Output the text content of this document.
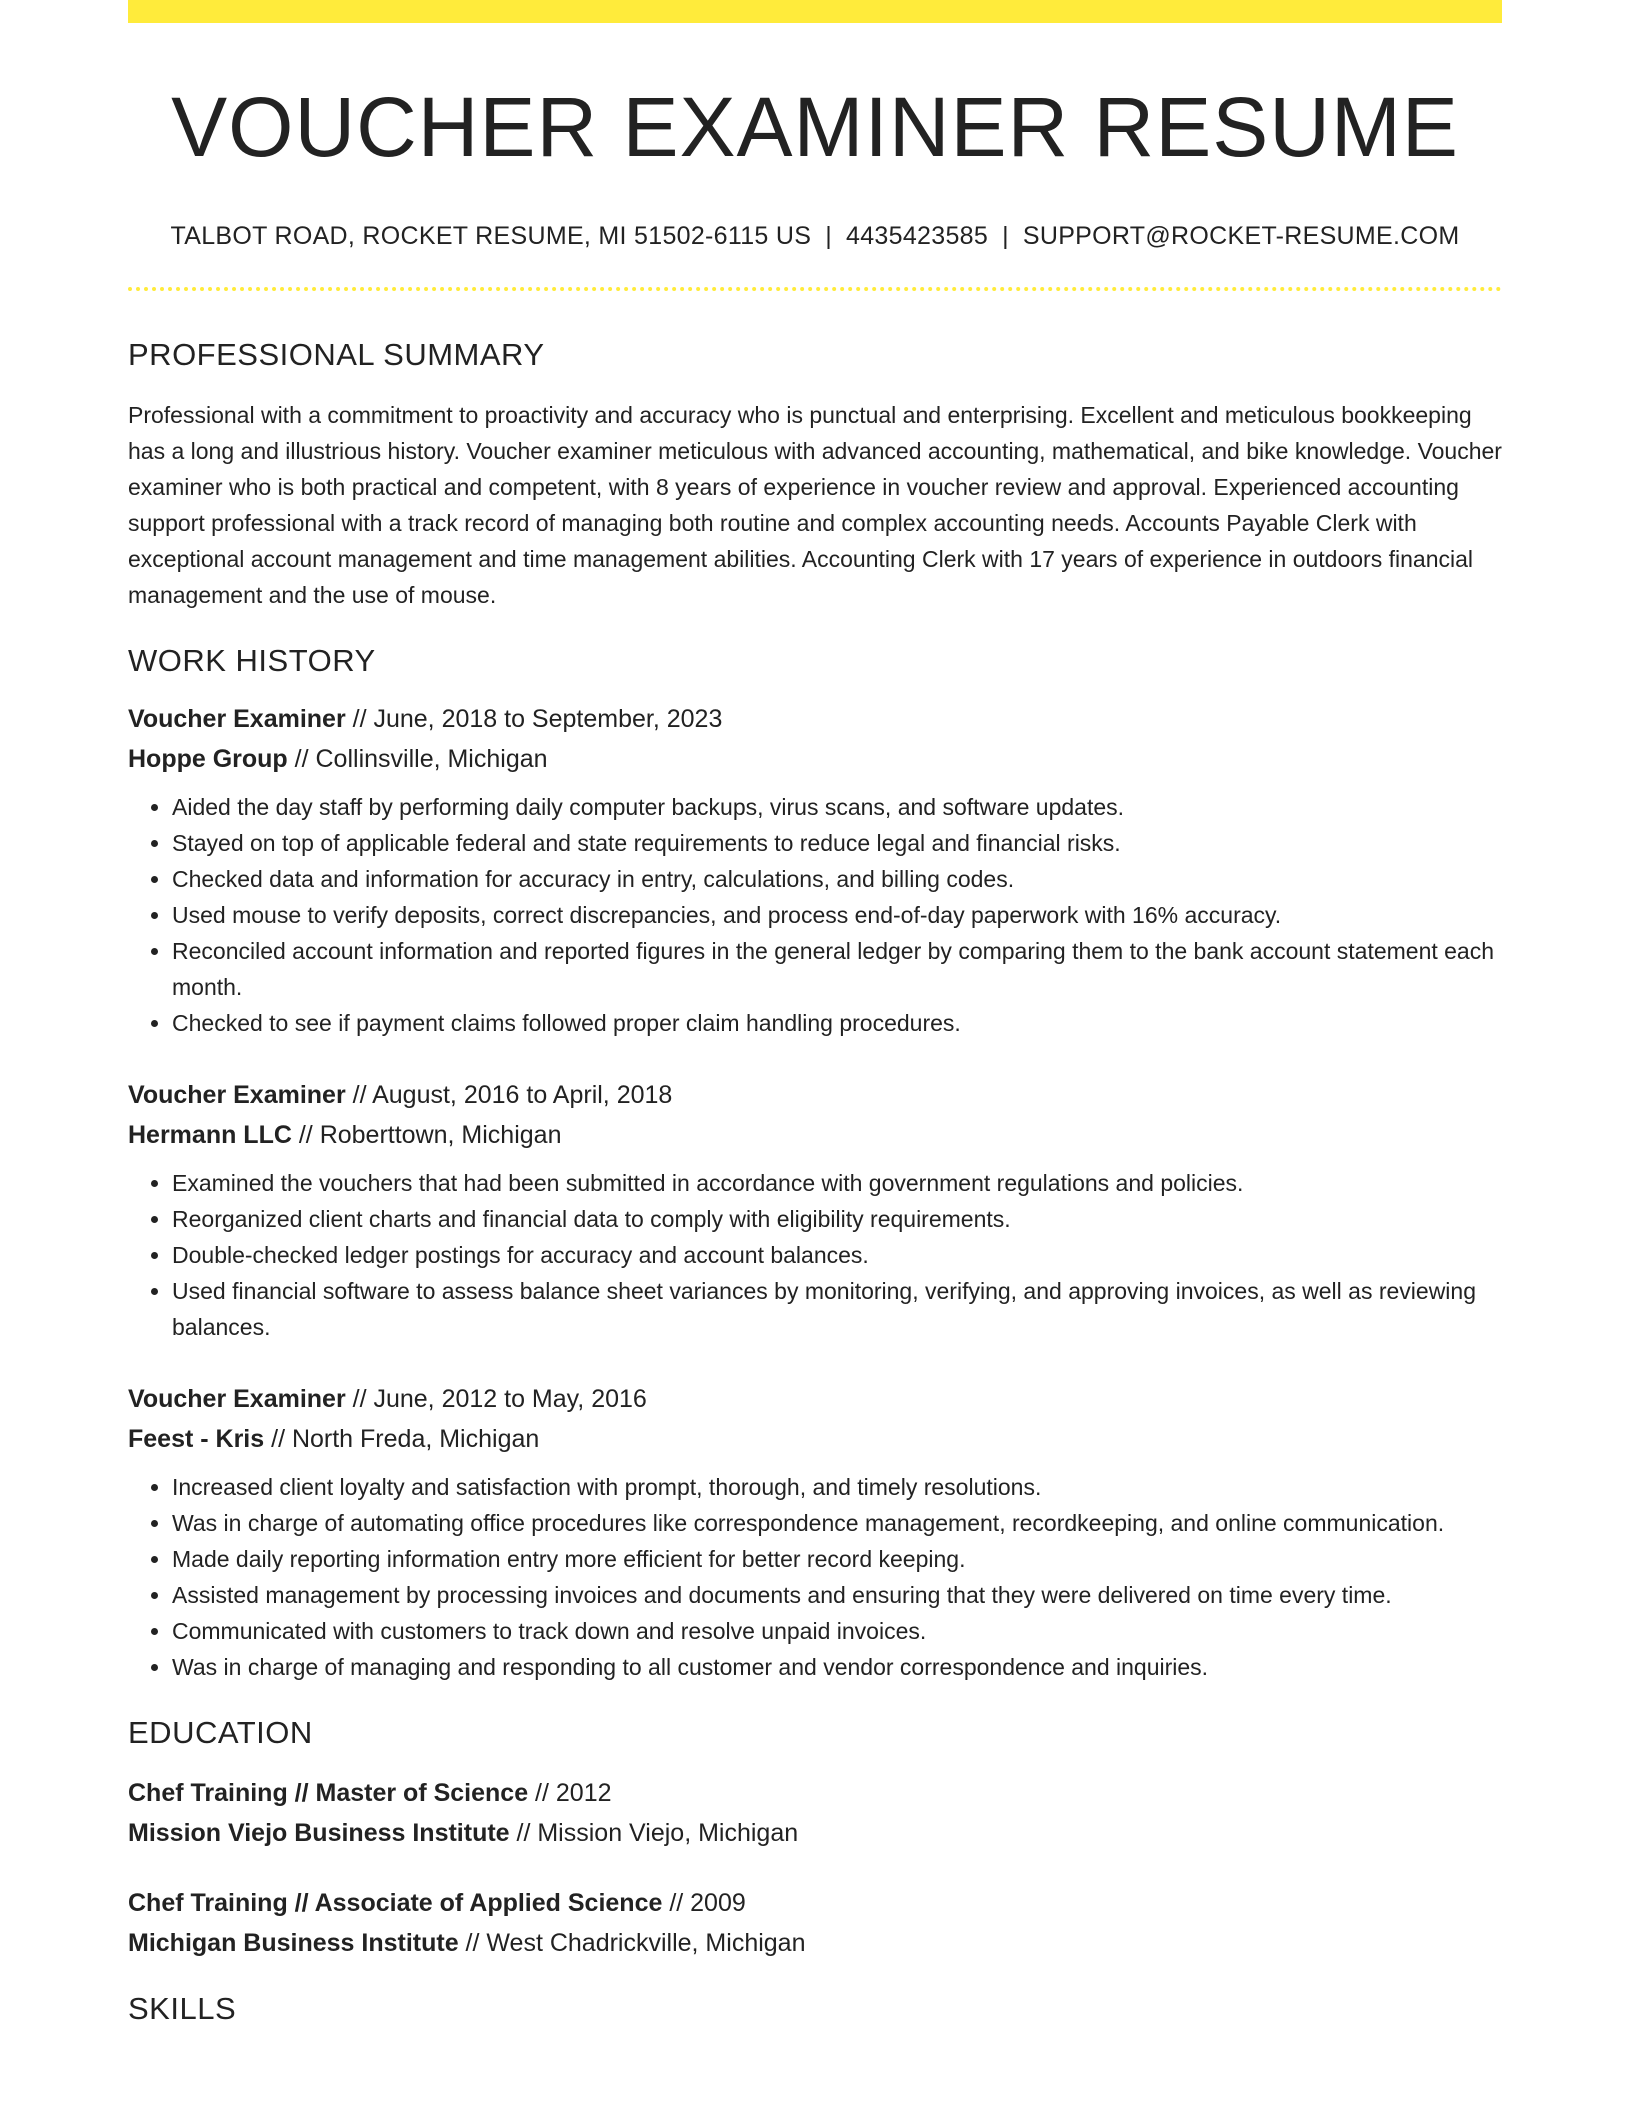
VOUCHER EXAMINER RESUME
TALBOT ROAD, ROCKET RESUME, MI 51502-6115 US | 4435423585 | SUPPORT@ROCKET-RESUME.COM
PROFESSIONAL SUMMARY

Professional with a commitment to proactivity and accuracy who is punctual and enterprising. Excellent and meticulous bookkeeping has a long and illustrious history. Voucher examiner meticulous with advanced accounting, mathematical, and bike knowledge. Voucher examiner who is both practical and competent, with 8 years of experience in voucher review and approval. Experienced accounting support professional with a track record of managing both routine and complex accounting needs. Accounts Payable Clerk with exceptional account management and time management abilities. Accounting Clerk with 17 years of experience in outdoors financial management and the use of mouse.

WORK HISTORY
Voucher Examiner // June, 2018 to September, 2023
Hoppe Group // Collinsville, Michigan
• Aided the day staff by performing daily computer backups, virus scans, and software updates.
• Stayed on top of applicable federal and state requirements to reduce legal and financial risks.
• Checked data and information for accuracy in entry, calculations, and billing codes.
• Used mouse to verify deposits, correct discrepancies, and process end-of-day paperwork with 16% accuracy.
• Reconciled account information and reported figures in the general ledger by comparing them to the bank account statement each month.
• Checked to see if payment claims followed proper claim handling procedures.
Voucher Examiner // August, 2016 to April, 2018
Hermann LLC // Roberttown, Michigan
• Examined the vouchers that had been submitted in accordance with government regulations and policies.
• Reorganized client charts and financial data to comply with eligibility requirements.
• Double-checked ledger postings for accuracy and account balances.
• Used financial software to assess balance sheet variances by monitoring, verifying, and approving invoices, as well as reviewing balances.
Voucher Examiner // June, 2012 to May, 2016
Feest - Kris // North Freda, Michigan
• Increased client loyalty and satisfaction with prompt, thorough, and timely resolutions.
• Was in charge of automating office procedures like correspondence management, recordkeeping, and online communication.
• Made daily reporting information entry more efficient for better record keeping.
• Assisted management by processing invoices and documents and ensuring that they were delivered on time every time.
• Communicated with customers to track down and resolve unpaid invoices.
• Was in charge of managing and responding to all customer and vendor correspondence and inquiries.
EDUCATION
Chef Training // Master of Science // 2012
Mission Viejo Business Institute // Mission Viejo, Michigan
Chef Training // Associate of Applied Science // 2009
Michigan Business Institute // West Chadrickville, Michigan
SKILLS
